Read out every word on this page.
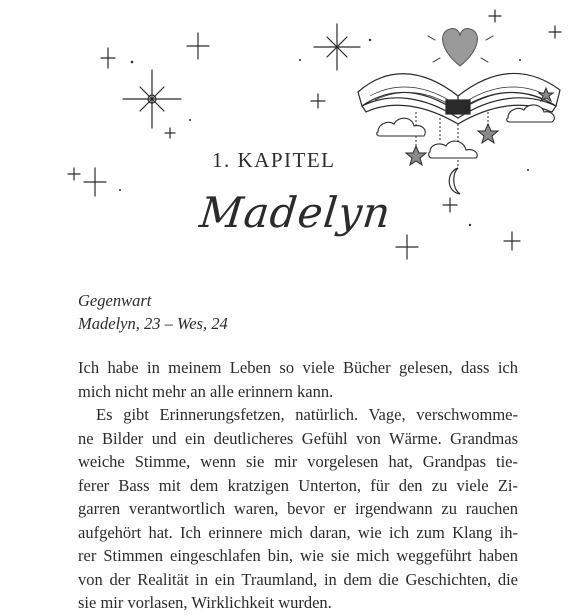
1. KAPITEL
Madelyn
Gegenwart
Madelyn, 23 – Wes, 24
Ich habe in meinem Leben so viele Bücher gelesen, dass ich
mich nicht mehr an alle erinnern kann.
Es gibt Erinnerungsfetzen, natürlich. Vage, verschwomme-
ne Bilder und ein deutlicheres Gefühl von Wärme. Grandmas
weiche Stimme, wenn sie mir vorgelesen hat, Grandpas tie-
ferer Bass mit dem kratzigen Unterton, für den zu viele Zi-
garren verantwortlich waren, bevor er irgendwann zu rauchen
aufgehört hat. Ich erinnere mich daran, wie ich zum Klang ih-
rer Stimmen eingeschlafen bin, wie sie mich weggeführt haben
von der Realität in ein Traumland, in dem die Geschichten, die
sie mir vorlasen, Wirklichkeit wurden.
